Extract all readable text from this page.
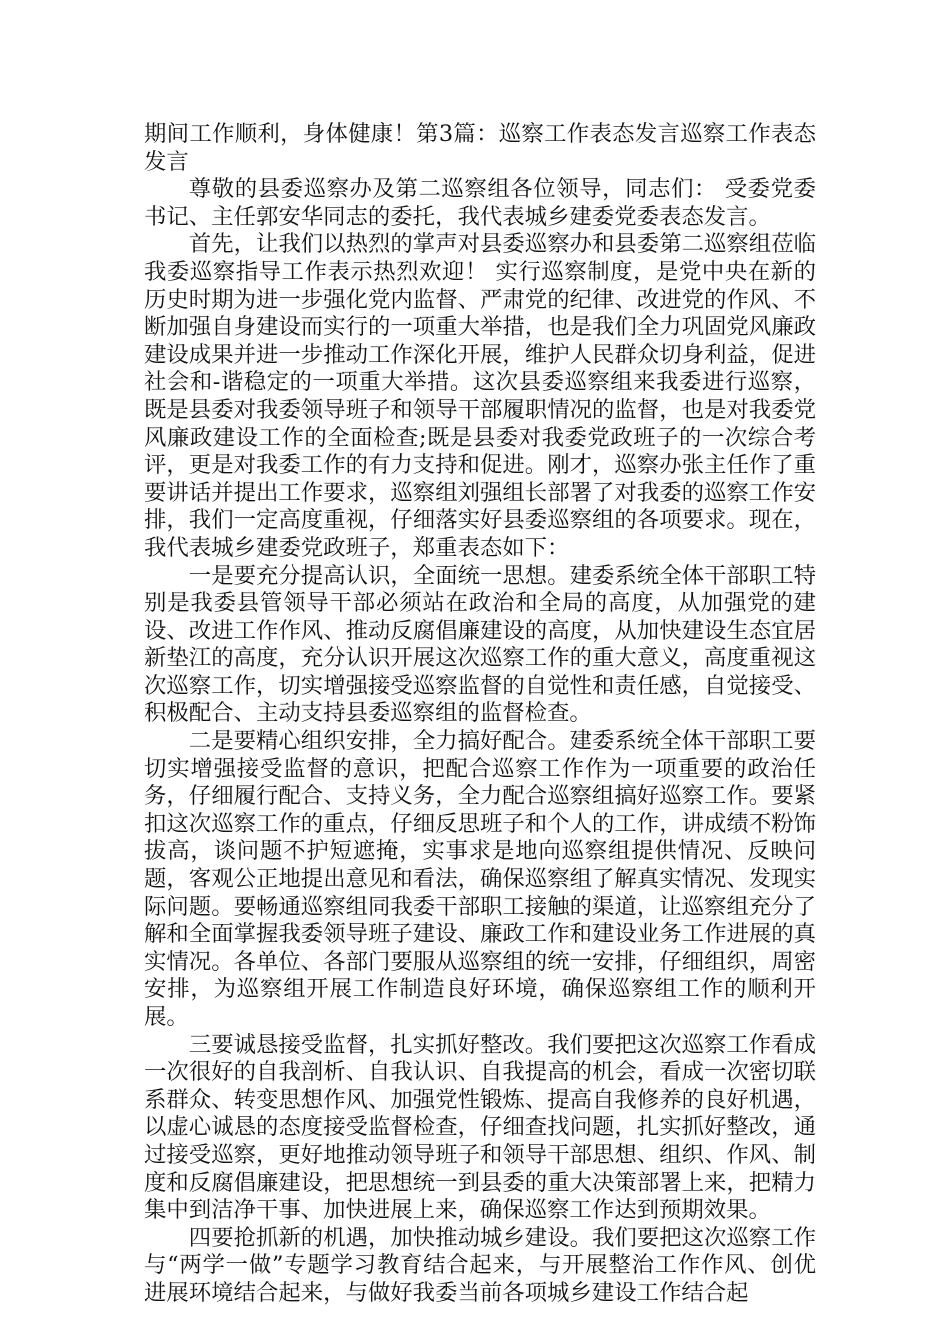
期间工作顺利，身体健康！第3篇：巡察工作表态发言巡察工作表态发言

尊敬的县委巡察办及第二巡察组各位领导，同志们： 受委党委书记、主任郭安华同志的委托，我代表城乡建委党委表态发言。

首先，让我们以热烈的掌声对县委巡察办和县委第二巡察组莅临我委巡察指导工作表示热烈欢迎！ 实行巡察制度，是党中央在新的历史时期为进一步强化党内监督、严肃党的纪律、改进党的作风、不断加强自身建设而实行的一项重大举措，也是我们全力巩固党风廉政建设成果并进一步推动工作深化开展，维护人民群众切身利益，促进社会和-谐稳定的一项重大举措。这次县委巡察组来我委进行巡察，既是县委对我委领导班子和领导干部履职情况的监督，也是对我委党风廉政建设工作的全面检查;既是县委对我委党政班子的一次综合考评，更是对我委工作的有力支持和促进。刚才，巡察办张主任作了重要讲话并提出工作要求，巡察组刘强组长部署了对我委的巡察工作安排，我们一定高度重视，仔细落实好县委巡察组的各项要求。现在，我代表城乡建委党政班子，郑重表态如下：

一是要充分提高认识，全面统一思想。建委系统全体干部职工特别是我委县管领导干部必须站在政治和全局的高度，从加强党的建设、改进工作作风、推动反腐倡廉建设的高度，从加快建设生态宜居新垫江的高度，充分认识开展这次巡察工作的重大意义，高度重视这次巡察工作，切实增强接受巡察监督的自觉性和责任感，自觉接受、积极配合、主动支持县委巡察组的监督检查。

二是要精心组织安排，全力搞好配合。建委系统全体干部职工要切实增强接受监督的意识，把配合巡察工作作为一项重要的政治任务，仔细履行配合、支持义务，全力配合巡察组搞好巡察工作。要紧扣这次巡察工作的重点，仔细反思班子和个人的工作，讲成绩不粉饰拔高，谈问题不护短遮掩，实事求是地向巡察组提供情况、反映问题，客观公正地提出意见和看法，确保巡察组了解真实情况、发现实际问题。要畅通巡察组同我委干部职工接触的渠道，让巡察组充分了解和全面掌握我委领导班子建设、廉政工作和建设业务工作进展的真实情况。各单位、各部门要服从巡察组的统一安排，仔细组织，周密安排，为巡察组开展工作制造良好环境，确保巡察组工作的顺利开展。

三要诚恳接受监督，扎实抓好整改。我们要把这次巡察工作看成一次很好的自我剖析、自我认识、自我提高的机会，看成一次密切联系群众、转变思想作风、加强党性锻炼、提高自我修养的良好机遇，以虚心诚恳的态度接受监督检查，仔细查找问题，扎实抓好整改，通过接受巡察，更好地推动领导班子和领导干部思想、组织、作风、制度和反腐倡廉建设，把思想统一到县委的重大决策部署上来，把精力集中到洁净干事、加快进展上来，确保巡察工作达到预期效果。

四要抢抓新的机遇，加快推动城乡建设。我们要把这次巡察工作与“两学一做”专题学习教育结合起来，与开展整治工作作风、创优进展环境结合起来，与做好我委当前各项城乡建设工作结合起
